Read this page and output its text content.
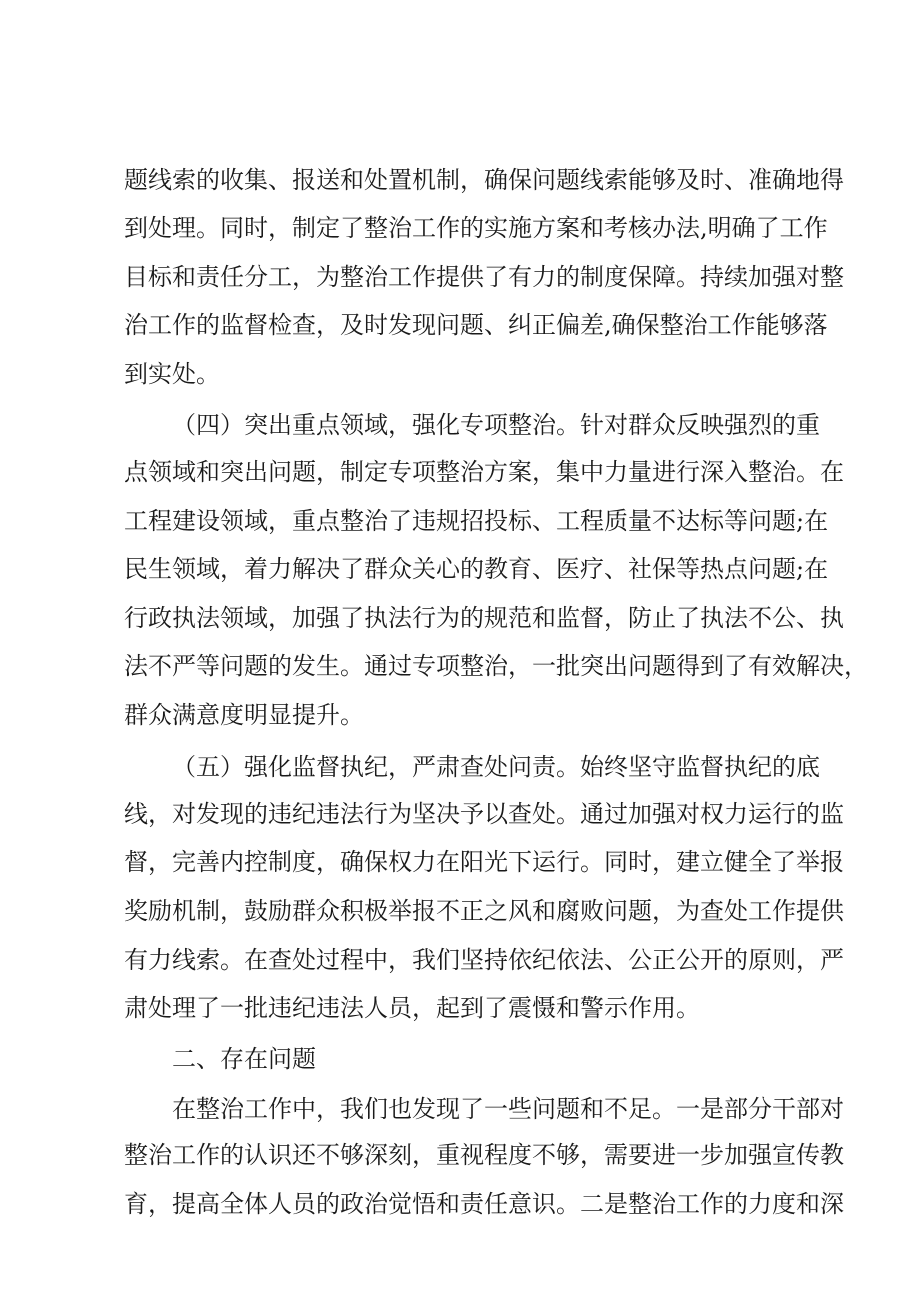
题线索的收集、报送和处置机制，确保问题线索能够及时、准确地得
到处理。同时，制定了整治工作的实施方案和考核办法,明确了工作
目标和责任分工，为整治工作提供了有力的制度保障。持续加强对整
治工作的监督检查，及时发现问题、纠正偏差,确保整治工作能够落
到实处。
（四）突出重点领域，强化专项整治。针对群众反映强烈的重
点领域和突出问题，制定专项整治方案，集中力量进行深入整治。在
工程建设领域，重点整治了违规招投标、工程质量不达标等问题;在
民生领域，着力解决了群众关心的教育、医疗、社保等热点问题;在
行政执法领域，加强了执法行为的规范和监督，防止了执法不公、执
法不严等问题的发生。通过专项整治，一批突出问题得到了有效解决，
群众满意度明显提升。
（五）强化监督执纪，严肃查处问责。始终坚守监督执纪的底
线，对发现的违纪违法行为坚决予以查处。通过加强对权力运行的监
督，完善内控制度，确保权力在阳光下运行。同时，建立健全了举报
奖励机制，鼓励群众积极举报不正之风和腐败问题，为查处工作提供
有力线索。在查处过程中，我们坚持依纪依法、公正公开的原则，严
肃处理了一批违纪违法人员，起到了震慑和警示作用。
二、存在问题
在整治工作中，我们也发现了一些问题和不足。一是部分干部对
整治工作的认识还不够深刻，重视程度不够，需要进一步加强宣传教
育，提高全体人员的政治觉悟和责任意识。二是整治工作的力度和深
